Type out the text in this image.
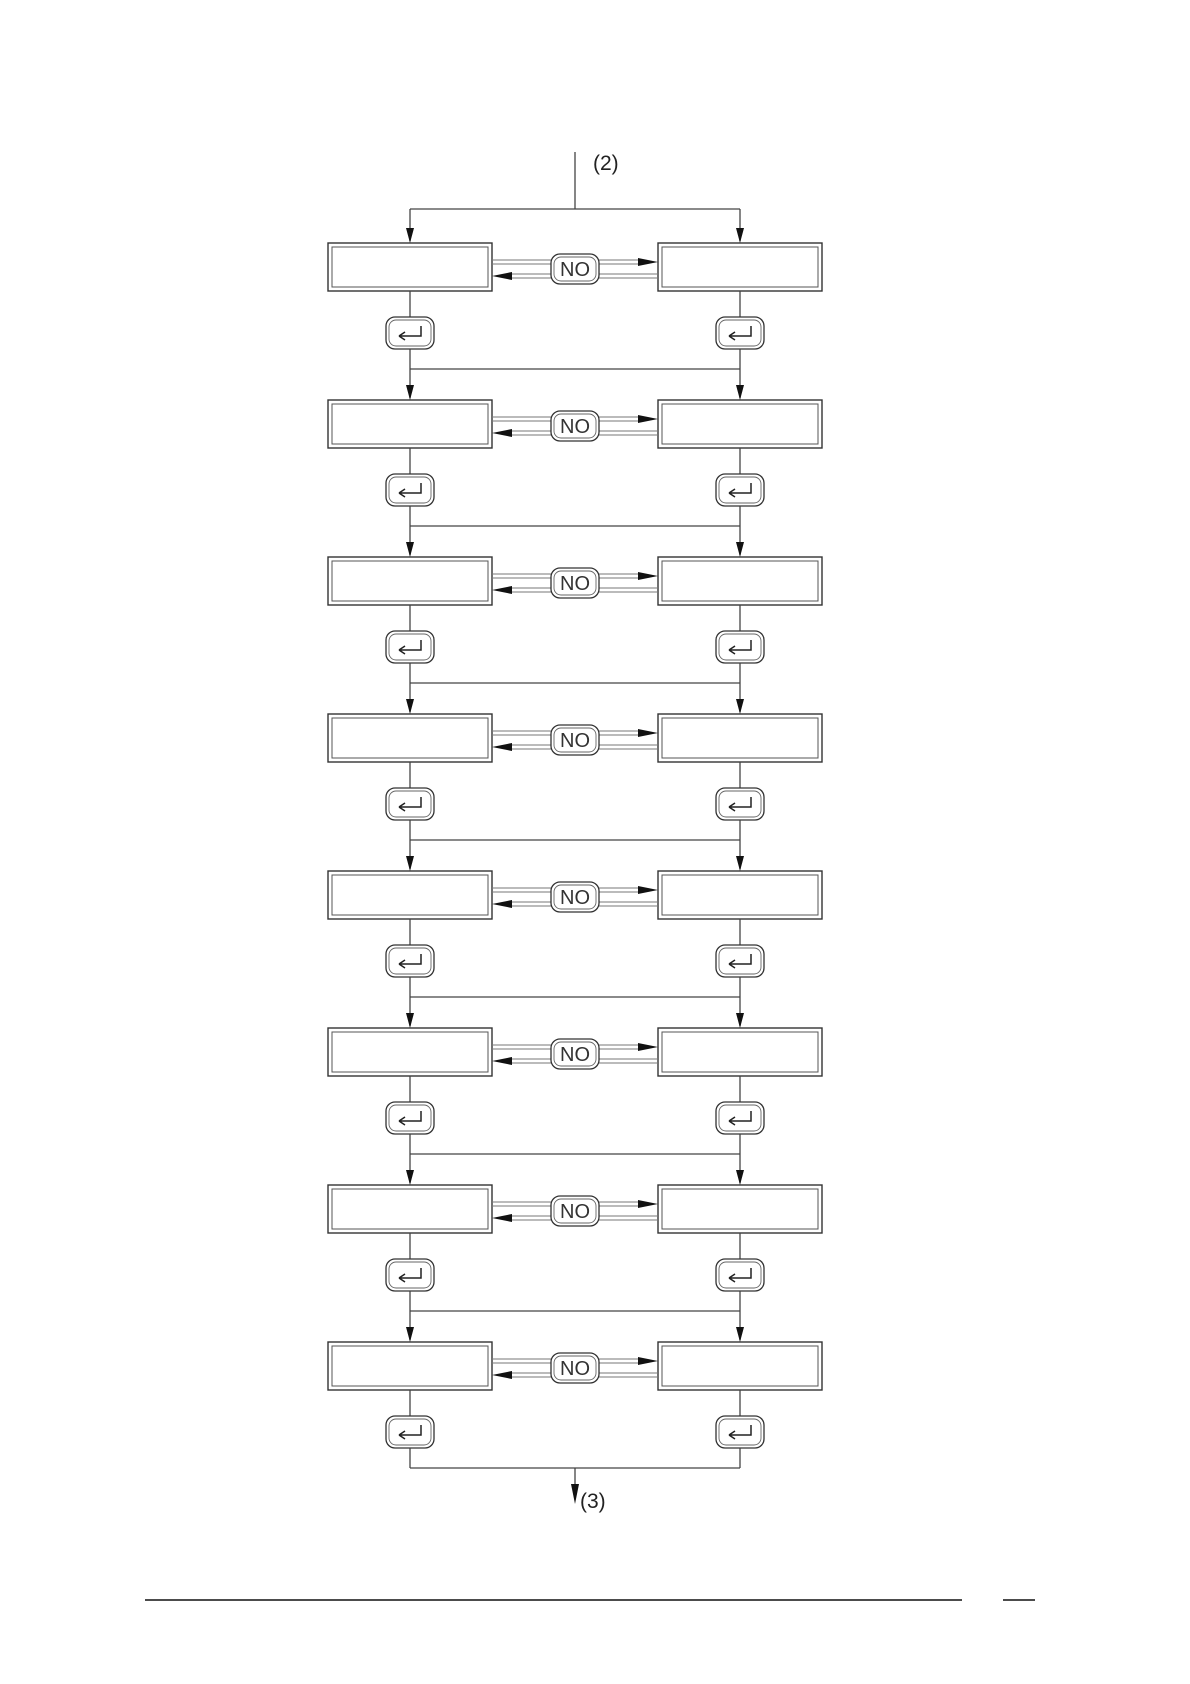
NO
NO
NO
NO
NO
NO
NO
NO
(2)
(3)
